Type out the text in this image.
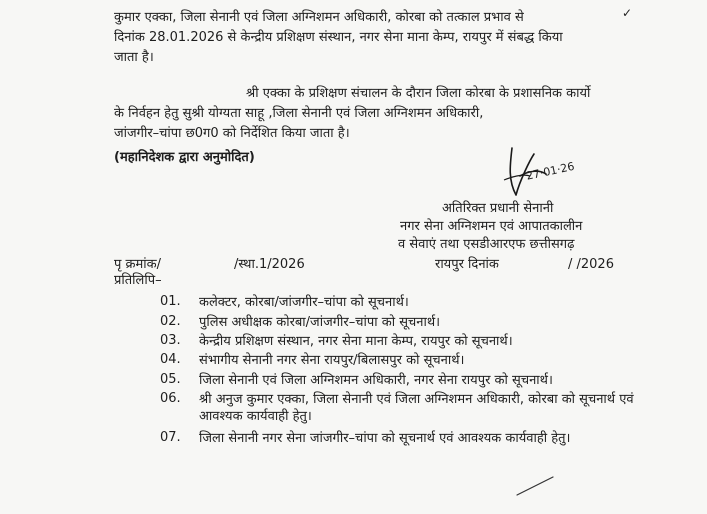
✓
कुमार एक्का, जिला सेनानी एवं जिला अग्निशमन अधिकारी, कोरबा को तत्काल प्रभाव से
दिनांक 28.01.2026 से केन्द्रीय प्रशिक्षण संस्थान, नगर सेना माना केम्प, रायपुर में संबद्ध किया
जाता है।
श्री एक्का के प्रशिक्षण संचालन के दौरान जिला कोरबा के प्रशासनिक कार्यो
के निर्वहन हेतु सुश्री योग्यता साहू ,जिला सेनानी एवं जिला अग्निशमन अधिकारी,
जांजगीर–चांपा छ0ग0 को निर्देशित किया जाता है।
(महानिदेशक द्वारा अनुमोदित)
27·01·26
अतिरिक्त प्रधानी सेनानी
नगर सेना अग्निशमन एवं आपातकालीन
व सेवाएं तथा एसडीआरएफ छत्तीसगढ़
रायपुर दिनांक	/ /2026
पृ क्रमांक/	/स्था.1/2026
प्रतिलिपि–
01. कलेक्टर, कोरबा/जांजगीर–चांपा को सूचनार्थ।
02. पुलिस अधीक्षक कोरबा/जांजगीर–चांपा को सूचनार्थ।
03. केन्द्रीय प्रशिक्षण संस्थान, नगर सेना माना केम्प, रायपुर को सूचनार्थ।
04. संभागीय सेनानी नगर सेना रायपुर/बिलासपुर को सूचनार्थ।
05. जिला सेनानी एवं जिला अग्निशमन अधिकारी, नगर सेना रायपुर को सूचनार्थ।
06. श्री अनुज कुमार एक्का, जिला सेनानी एवं जिला अग्निशमन अधिकारी, कोरबा को सूचनार्थ एवं आवश्यक कार्यवाही हेतु।
07. जिला सेनानी नगर सेना जांजगीर–चांपा को सूचनार्थ एवं आवश्यक कार्यवाही हेतु।
